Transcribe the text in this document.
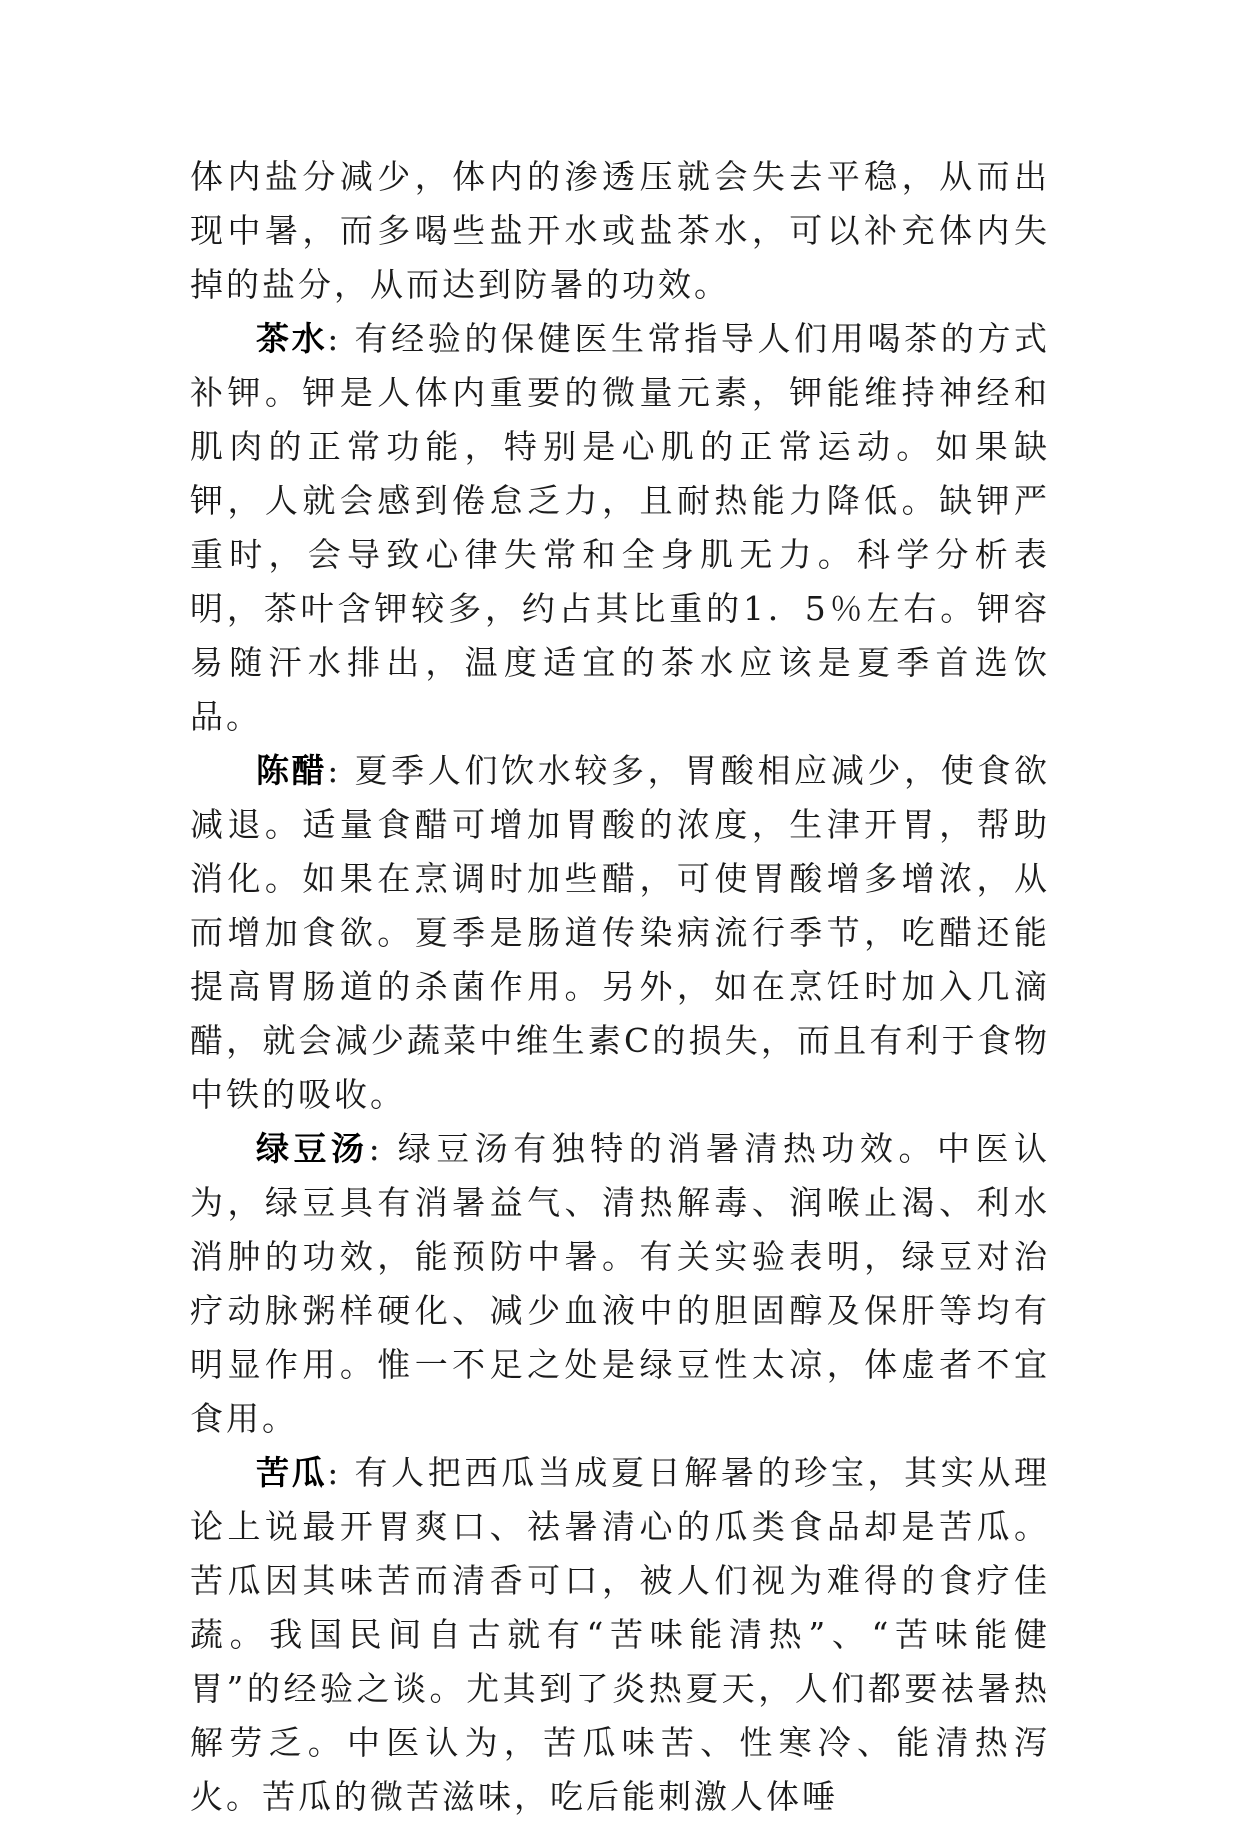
体内盐分减少，体内的渗透压就会失去平稳，从而出现中暑，而多喝些盐开水或盐茶水，可以补充体内失掉的盐分，从而达到防暑的功效。

茶水: 有经验的保健医生常指导人们用喝茶的方式补钾。钾是人体内重要的微量元素，钾能维持神经和肌肉的正常功能，特别是心肌的正常运动。如果缺钾，人就会感到倦怠乏力，且耐热能力降低。缺钾严重时，会导致心律失常和全身肌无力。科学分析表明，茶叶含钾较多，约占其比重的1．5％左右。钾容易随汗水排出，温度适宜的茶水应该是夏季首选饮品。

陈醋: 夏季人们饮水较多，胃酸相应减少，使食欲减退。适量食醋可增加胃酸的浓度，生津开胃，帮助消化。如果在烹调时加些醋，可使胃酸增多增浓，从而增加食欲。夏季是肠道传染病流行季节，吃醋还能提高胃肠道的杀菌作用。另外，如在烹饪时加入几滴醋，就会减少蔬菜中维生素C的损失，而且有利于食物中铁的吸收。

绿豆汤: 绿豆汤有独特的消暑清热功效。中医认为，绿豆具有消暑益气、清热解毒、润喉止渴、利水消肿的功效，能预防中暑。有关实验表明，绿豆对治疗动脉粥样硬化、减少血液中的胆固醇及保肝等均有明显作用。惟一不足之处是绿豆性太凉，体虚者不宜食用。

苦瓜: 有人把西瓜当成夏日解暑的珍宝，其实从理论上说最开胃爽口、祛暑清心的瓜类食品却是苦瓜。苦瓜因其味苦而清香可口，被人们视为难得的食疗佳蔬。我国民间自古就有“苦味能清热”、“苦味能健胃”的经验之谈。尤其到了炎热夏天，人们都要祛暑热解劳乏。中医认为，苦瓜味苦、性寒冷、能清热泻火。苦瓜的微苦滋味，吃后能刺激人体唾
